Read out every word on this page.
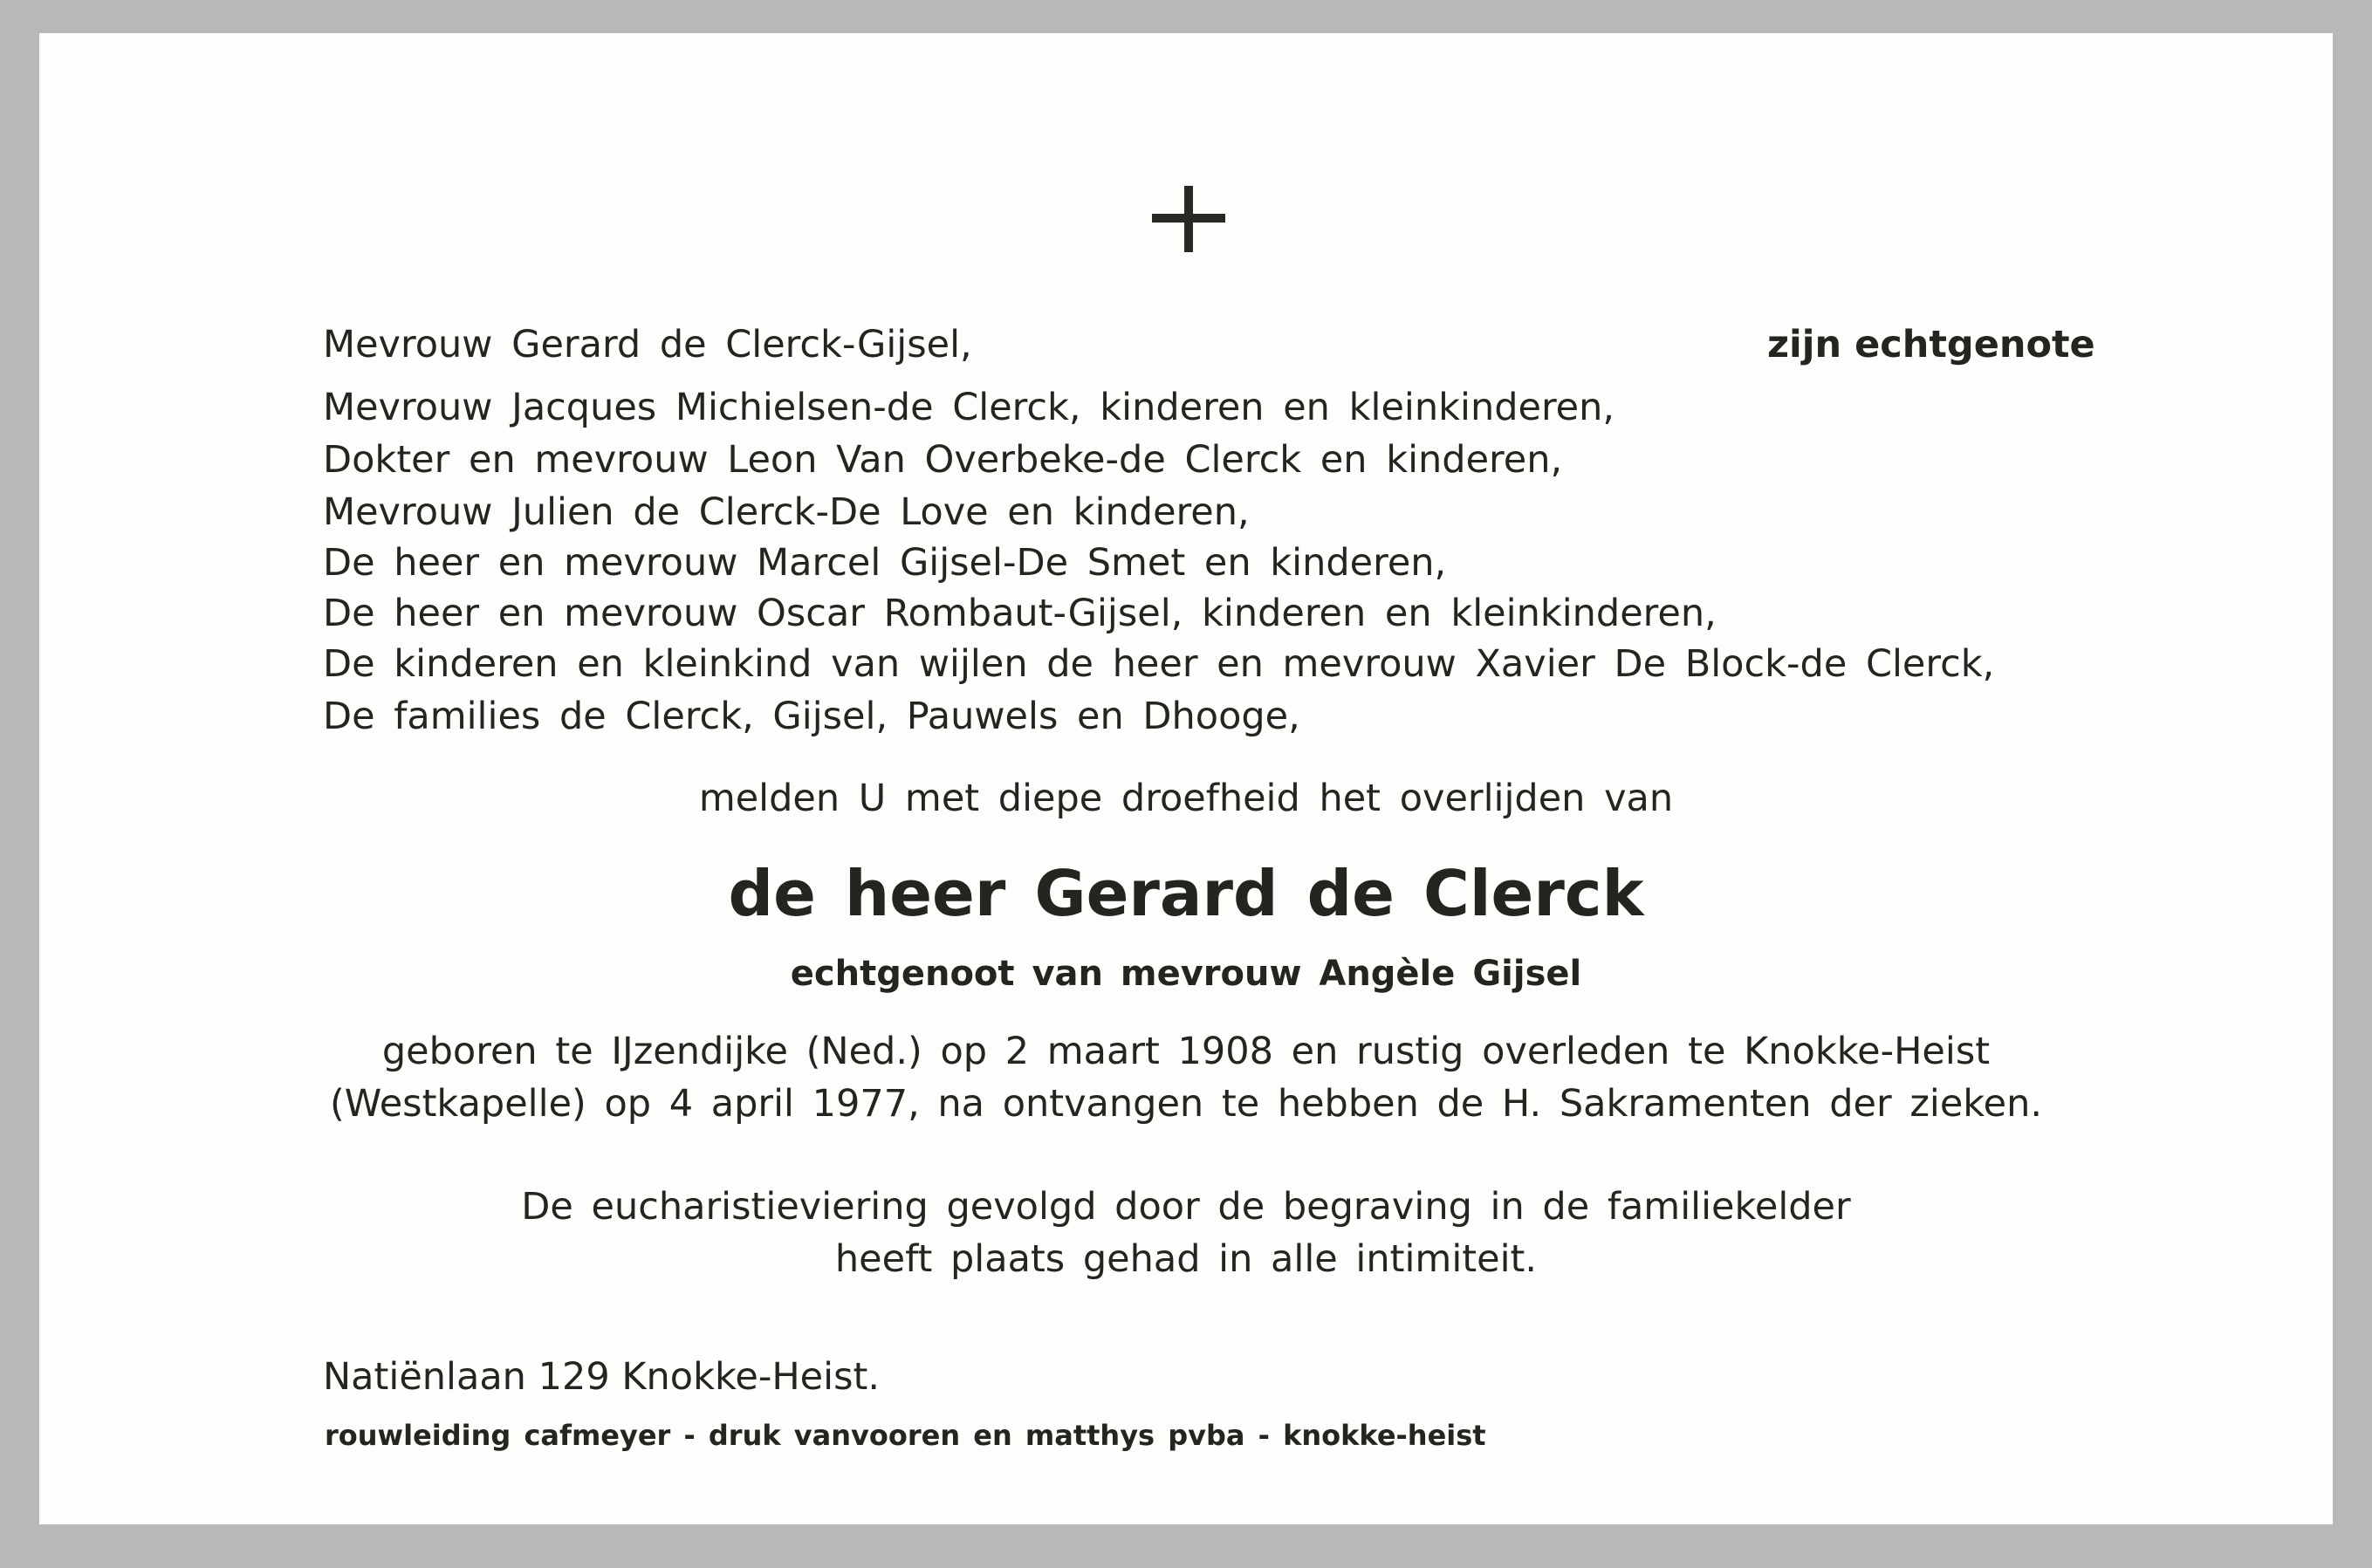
Mevrouw Gerard de Clerck-Gijsel,	zijn echtgenote
Mevrouw Jacques Michielsen-de Clerck, kinderen en kleinkinderen,
Dokter en mevrouw Leon Van Overbeke-de Clerck en kinderen,
Mevrouw Julien de Clerck-De Love en kinderen,
De heer en mevrouw Marcel Gijsel-De Smet en kinderen,
De heer en mevrouw Oscar Rombaut-Gijsel, kinderen en kleinkinderen,
De kinderen en kleinkind van wijlen de heer en mevrouw Xavier De Block-de Clerck,
De families de Clerck, Gijsel, Pauwels en Dhooge,
melden U met diepe droefheid het overlijden van
de heer Gerard de Clerck
echtgenoot van mevrouw Angèle Gijsel
geboren te IJzendijke (Ned.) op 2 maart 1908 en rustig overleden te Knokke-Heist
(Westkapelle) op 4 april 1977, na ontvangen te hebben de H. Sakramenten der zieken.
De eucharistieviering gevolgd door de begraving in de familiekelder
heeft plaats gehad in alle intimiteit.
Natiënlaan 129 Knokke-Heist.
rouwleiding cafmeyer - druk vanvooren en matthys pvba - knokke-heist
